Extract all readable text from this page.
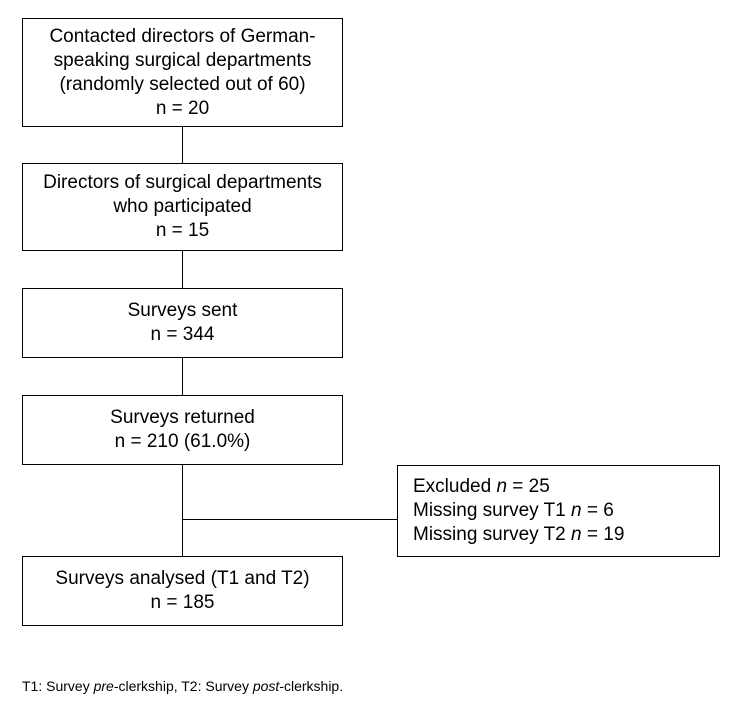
Contacted directors of German-
speaking surgical departments
(randomly selected out of 60)
n = 20
Directors of surgical departments
who participated
n = 15
Surveys sent
n = 344
Surveys returned
n = 210 (61.0%)
Excluded n = 25
Missing survey T1 n = 6
Missing survey T2 n = 19
Surveys analysed (T1 and T2)
n = 185
T1: Survey pre-clerkship, T2: Survey post-clerkship.
